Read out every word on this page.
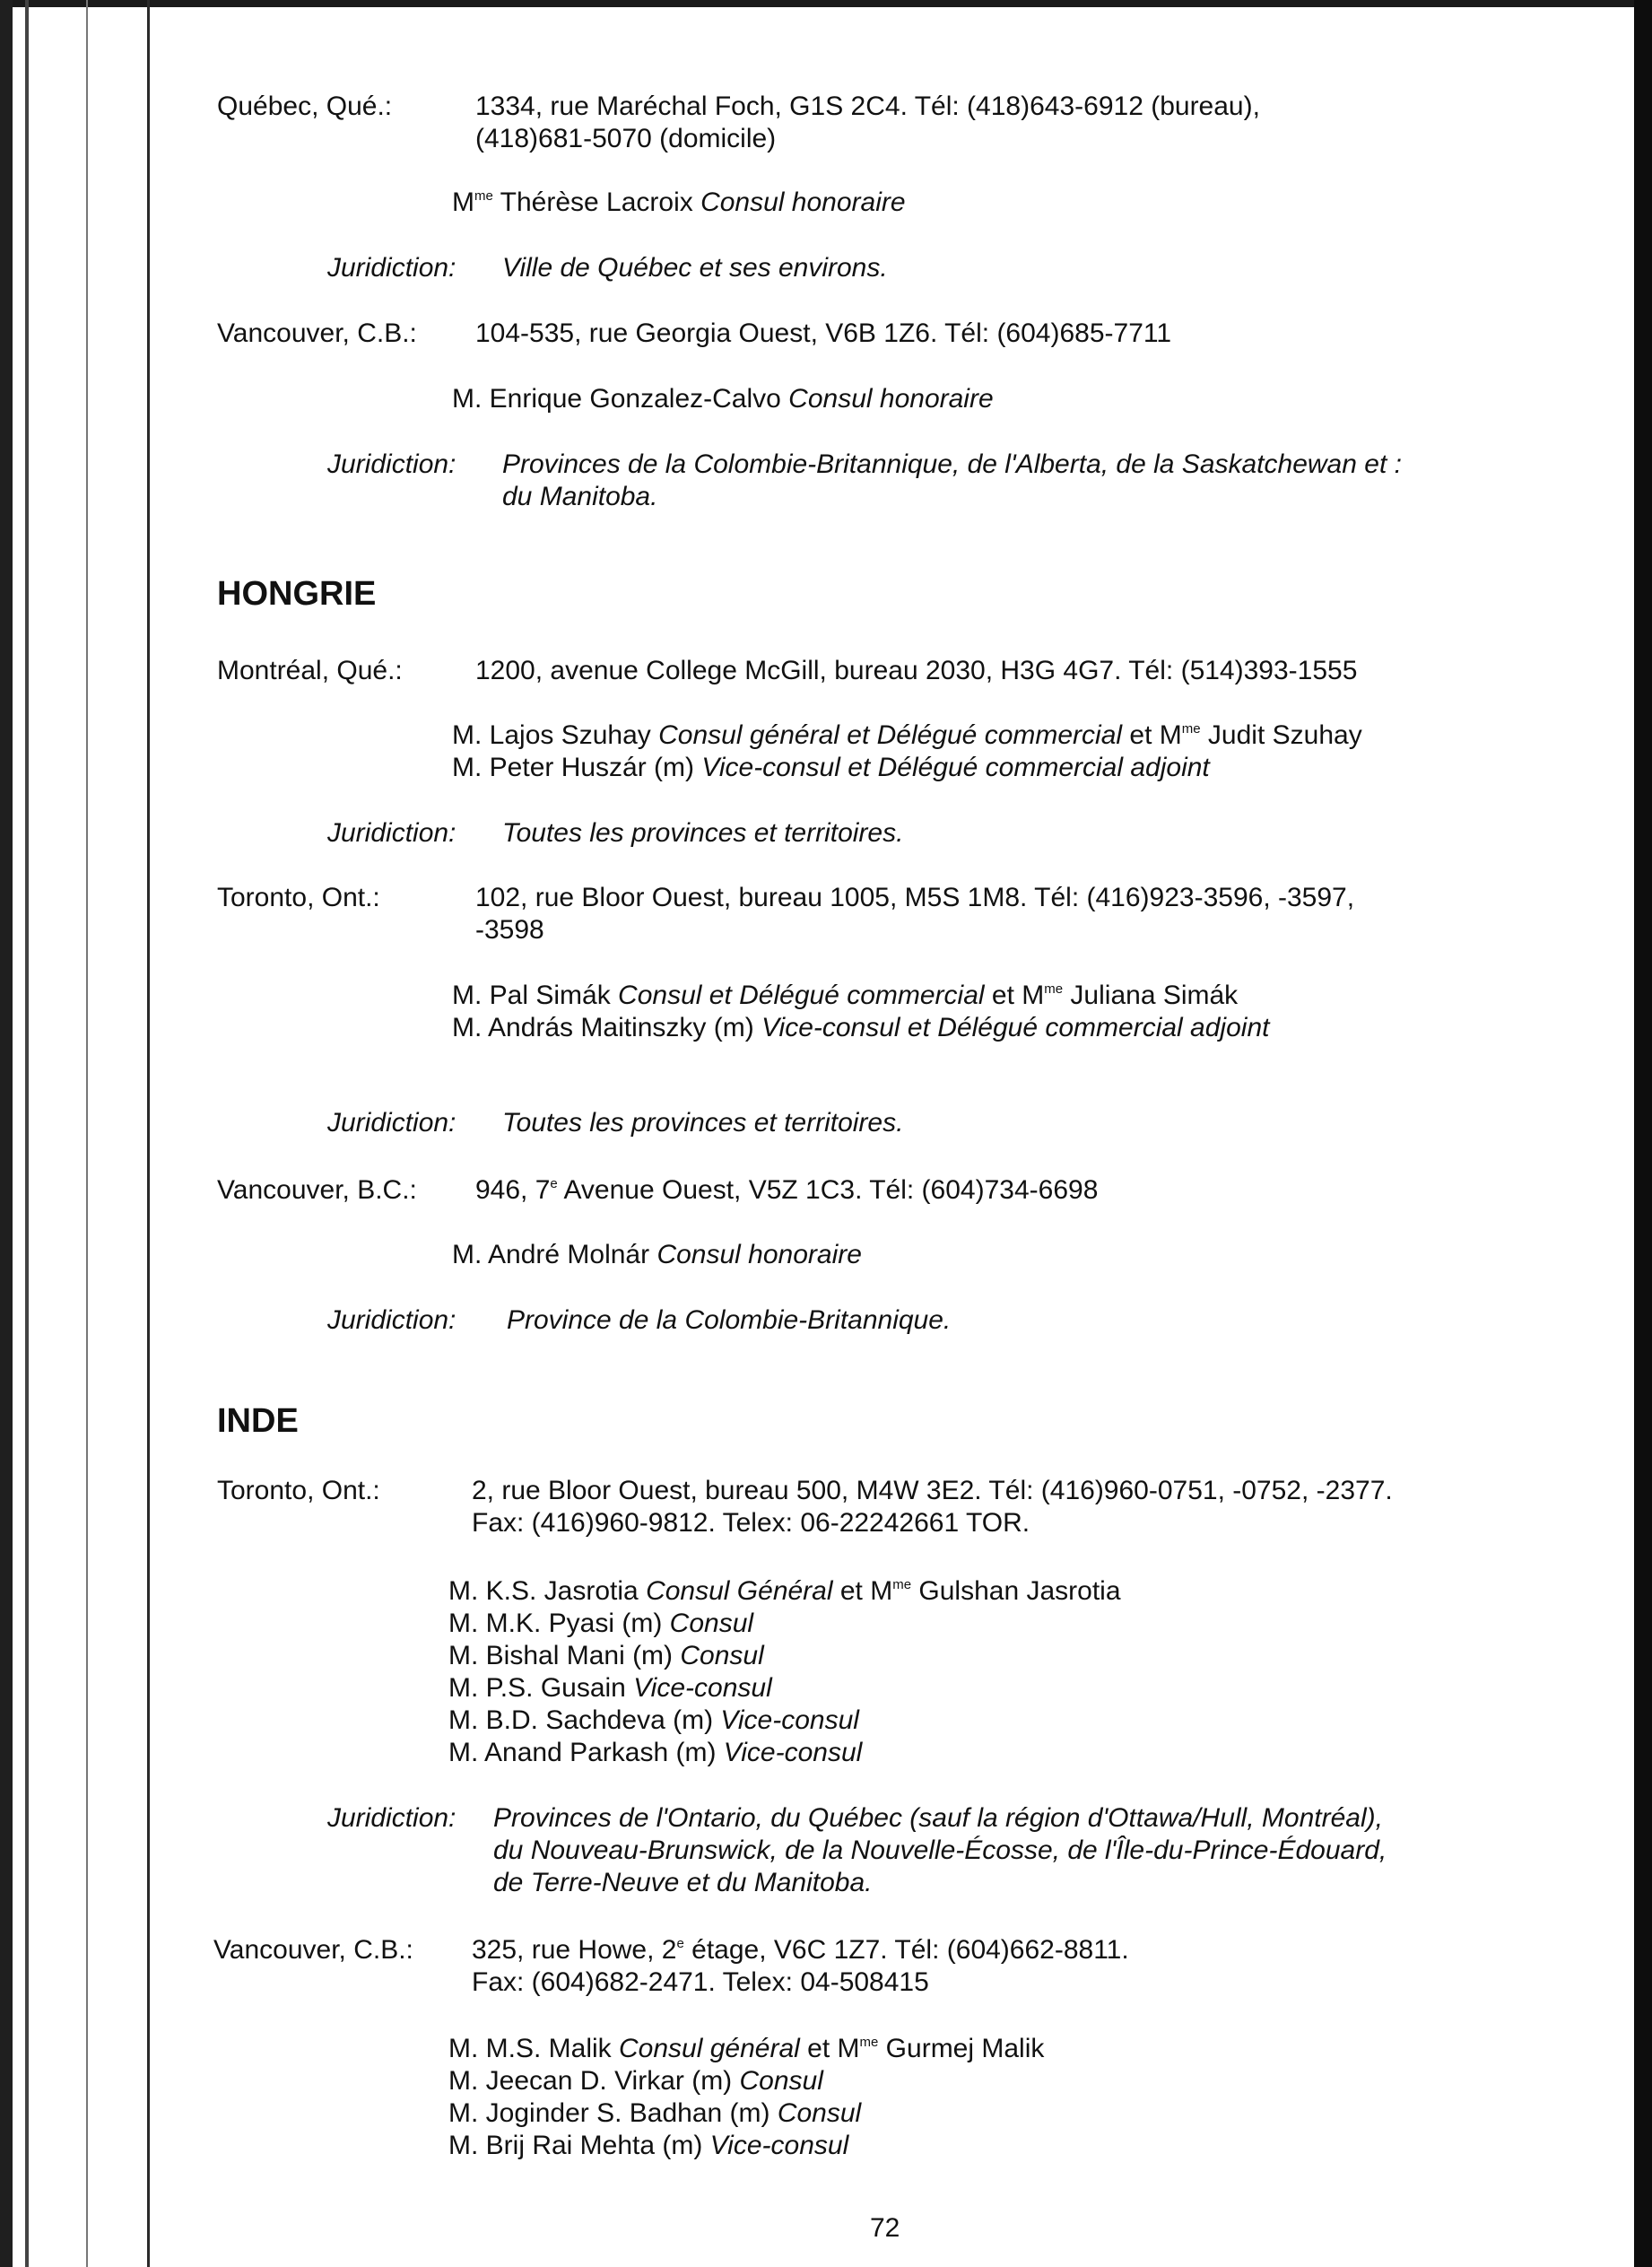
Québec, Qué.:	1334, rue Maréchal Foch, G1S 2C4. Tél: (418)643-6912 (bureau),
(418)681-5070 (domicile)
$M^{me}$ Thérèse Lacroix Consul honoraire
Juridiction: Ville de Québec et ses environs.
Vancouver, C.B.: 104-535, rue Georgia Ouest, V6B 1Z6. Tél: (604)685-7711
M. Enrique Gonzalez-Calvo Consul honoraire
Juridiction: Provinces de la Colombie-Britannique, de l'Alberta, de la Saskatchewan et :
du Manitoba.
HONGRIE
Montréal, Qué.:	1200, avenue College McGill, bureau 2030, H3G 4G7. Tél: (514)393-1555
M. Lajos Szuhay Consul général et Délégué commercial et $M^{me}$ Judit Szuhay
M. Peter Huszár (m) Vice-consul et Délégué commercial adjoint
Juridiction: Toutes les provinces et territoires.
Toronto, Ont.:	102, rue Bloor Ouest, bureau 1005, M5S 1M8. Tél: (416)923-3596, -3597,
-3598
M. Pal Simák Consul et Délégué commercial et $M^{me}$ Juliana Simák
M. András Maitinszky (m) Vice-consul et Délégué commercial adjoint
Juridiction: Toutes les provinces et territoires.
Vancouver, B.C.: 946, 7e Avenue Ouest, V5Z 1C3. Tél: (604)734-6698
M. André Molnár Consul honoraire
Juridiction: Province de la Colombie-Britannique.
INDE
Toronto, Ont.:	2, rue Bloor Ouest, bureau 500, M4W 3E2. Tél: (416)960-0751, -0752, -2377.
Fax: (416)960-9812. Telex: 06-22242661 TOR.
M. K.S. Jasrotia Consul Général et $M^{me}$ Gulshan Jasrotia
M. M.K. Pyasi (m) Consul
M. Bishal Mani (m) Consul
M. P.S. Gusain Vice-consul
M. B.D. Sachdeva (m) Vice-consul
M. Anand Parkash (m) Vice-consul
Juridiction: Provinces de l'Ontario, du Québec (sauf la région d'Ottawa/Hull, Montréal),
du Nouveau-Brunswick, de la Nouvelle-Écosse, de l'Île-du-Prince-Édouard,
de Terre-Neuve et du Manitoba.
Vancouver, C.B.: 325, rue Howe, 2e étage, V6C 1Z7. Tél: (604)662-8811.
Fax: (604)682-2471. Telex: 04-508415
M. M.S. Malik Consul général et $M^{me}$ Gurmej Malik
M. Jeecan D. Virkar (m) Consul
M. Joginder S. Badhan (m) Consul
M. Brij Rai Mehta (m) Vice-consul
72
